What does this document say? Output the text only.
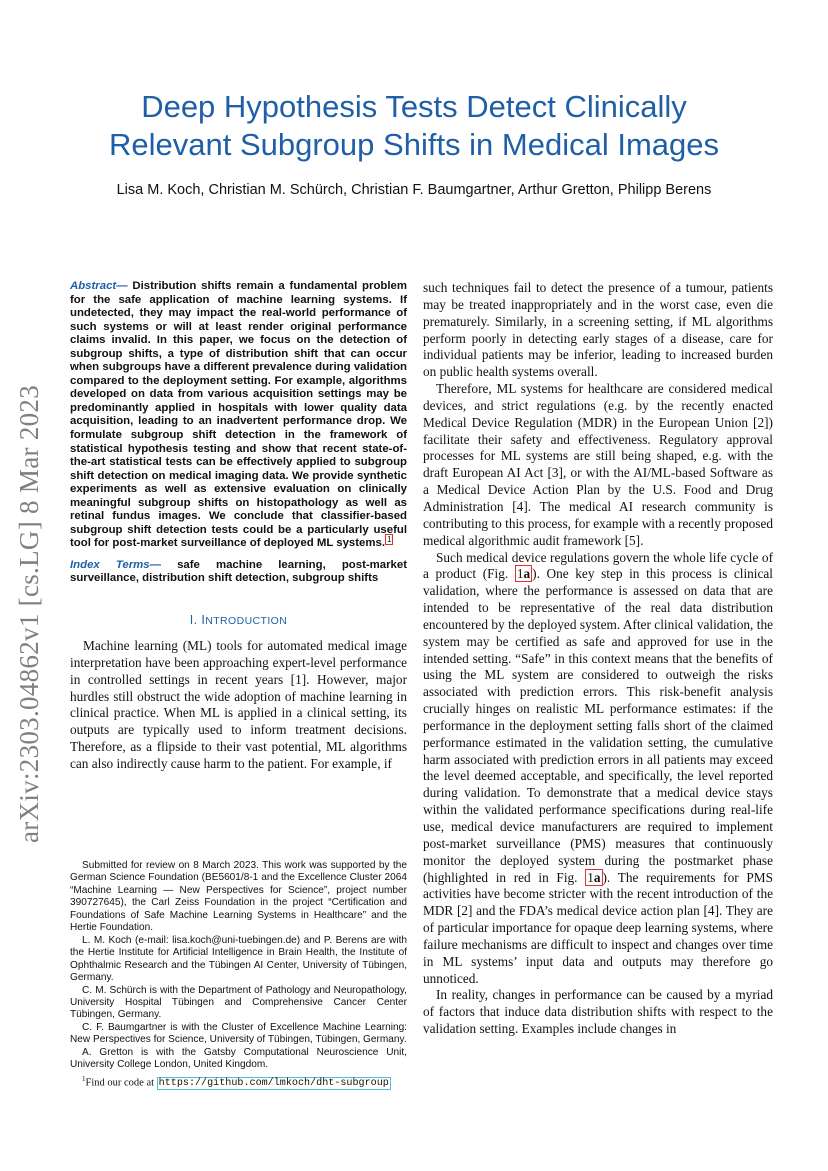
Deep Hypothesis Tests Detect Clinically
Relevant Subgroup Shifts in Medical Images
Lisa M. Koch, Christian M. Schürch, Christian F. Baumgartner, Arthur Gretton, Philipp Berens
arXiv:2303.04862v1 [cs.LG] 8 Mar 2023

Abstract— Distribution shifts remain a fundamental problem for the safe application of machine learning systems. If undetected, they may impact the real-world performance of such systems or will at least render original performance claims invalid. In this paper, we focus on the detection of subgroup shifts, a type of distribution shift that can occur when subgroups have a different prevalence during validation compared to the deployment setting. For example, algorithms developed on data from various acquisition settings may be predominantly applied in hospitals with lower quality data acquisition, leading to an inadvertent performance drop. We formulate subgroup shift detection in the framework of statistical hypothesis testing and show that recent state-of-the-art statistical tests can be effectively applied to subgroup shift detection on medical imaging data. We provide synthetic experiments as well as extensive evaluation on clinically meaningful subgroup shifts on histopathology as well as retinal fundus images. We conclude that classifier-based subgroup shift detection tests could be a particularly useful tool for post-market surveillance of deployed ML systems. $^1$

Index Terms— safe machine learning, post-market surveillance, distribution shift detection, subgroup shifts

I. INTRODUCTION

Machine learning (ML) tools for automated medical image interpretation have been approaching expert-level performance in controlled settings in recent years [1]. However, major hurdles still obstruct the wide adoption of machine learning in clinical practice. When ML is applied in a clinical setting, its outputs are typically used to inform treatment decisions. Therefore, as a flipside to their vast potential, ML algorithms can also indirectly cause harm to the patient. For example, if

Submitted for review on 8 March 2023. This work was supported by the German Science Foundation (BE5601/8-1 and the Excellence Cluster 2064 “Machine Learning — New Perspectives for Science”, project number 390727645), the Carl Zeiss Foundation in the project “Certification and Foundations of Safe Machine Learning Systems in Healthcare” and the Hertie Foundation.

L. M. Koch (e-mail: lisa.koch@uni-tuebingen.de) and P. Berens are with the Hertie Institute for Artificial Intelligence in Brain Health, the Institute of Ophthalmic Research and the Tübingen AI Center, University of Tübingen, Germany.

C. M. Schürch is with the Department of Pathology and Neuropathology, University Hospital Tübingen and Comprehensive Cancer Center Tübingen, Germany.

C. F. Baumgartner is with the Cluster of Excellence Machine Learning: New Perspectives for Science, University of Tübingen, Tübingen, Germany.

A. Gretton is with the Gatsby Computational Neuroscience Unit, University College London, United Kingdom.

$^1$Find our code at https://github.com/lmkoch/dht-subgroup

such techniques fail to detect the presence of a tumour, patients may be treated inappropriately and in the worst case, even die prematurely. Similarly, in a screening setting, if ML algorithms perform poorly in detecting early stages of a disease, care for individual patients may be inferior, leading to increased burden on public health systems overall.

Therefore, ML systems for healthcare are considered medical devices, and strict regulations (e.g. by the recently enacted Medical Device Regulation (MDR) in the European Union [2]) facilitate their safety and effectiveness. Regulatory approval processes for ML systems are still being shaped, e.g. with the draft European AI Act [3], or with the AI/ML-based Software as a Medical Device Action Plan by the U.S. Food and Drug Administration [4]. The medical AI research community is contributing to this process, for example with a recently proposed medical algorithmic audit framework [5].

Such medical device regulations govern the whole life cycle of a product (Fig. 1a ). One key step in this process is clinical validation, where the performance is assessed on data that are intended to be representative of the real data distribution encountered by the deployed system. After clinical validation, the system may be certified as safe and approved for use in the intended setting. “Safe” in this context means that the benefits of using the ML system are considered to outweigh the risks associated with prediction errors. This risk-benefit analysis crucially hinges on realistic ML performance estimates: if the performance in the deployment setting falls short of the claimed performance estimated in the validation setting, the cumulative harm associated with prediction errors in all patients may exceed the level deemed acceptable, and specifically, the level reported during validation. To demonstrate that a medical device stays within the validated performance specifications during real-life use, medical device manufacturers are required to implement post-market surveillance (PMS) measures that continuously monitor the deployed system during the postmarket phase (highlighted in red in Fig. 1a ). The requirements for PMS activities have become stricter with the recent introduction of the MDR [2] and the FDA’s medical device action plan [4]. They are of particular importance for opaque deep learning systems, where failure mechanisms are difficult to inspect and changes over time in ML systems’ input data and outputs may therefore go unnoticed.

In reality, changes in performance can be caused by a myriad of factors that induce data distribution shifts with respect to the validation setting. Examples include changes in
